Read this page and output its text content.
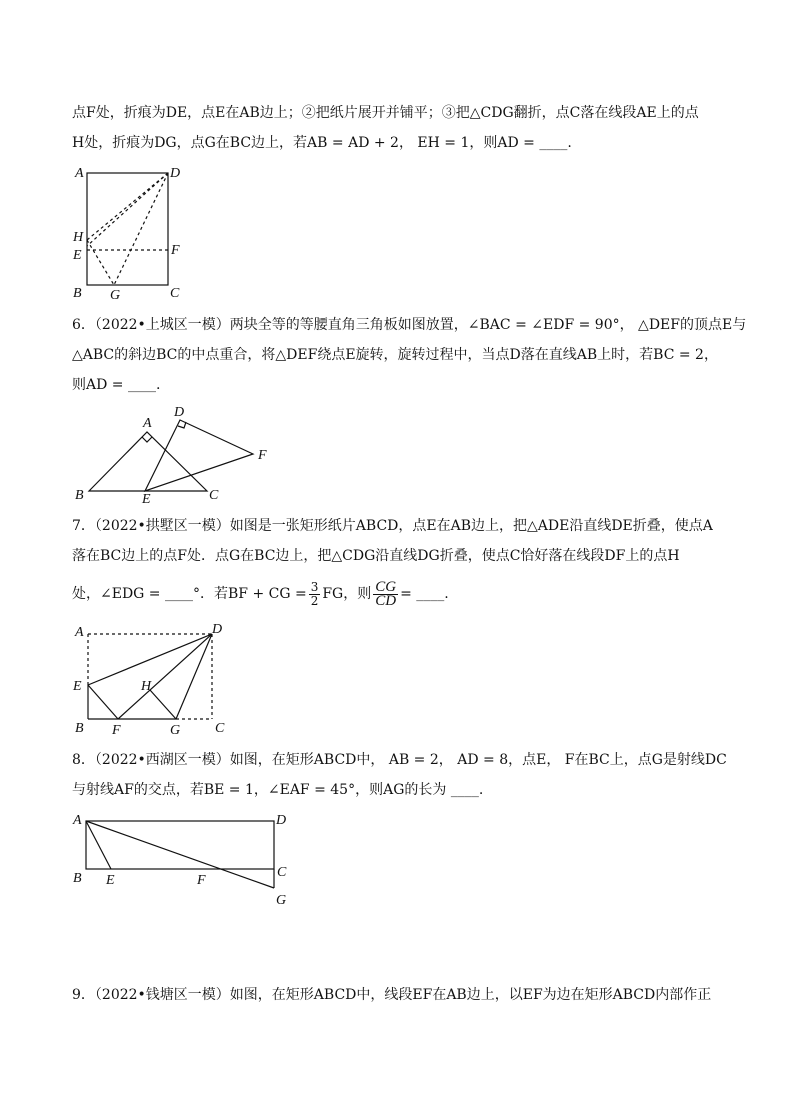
点F处，折痕为DE，点E在AB边上；②把纸片展开并铺平；③把△CDG翻折，点C落在线段AE上的点
H处，折痕为DG，点G在BC边上，若AB = AD + 2， EH = 1，则AD = ____.
A	D
H
F
E
B G	C
6．（2022•上城区一模）两块全等的等腰直角三角板如图放置，∠BAC = ∠EDF = 90°， △DEF的顶点E与
△ABC的斜边BC的中点重合，将△DEF绕点E旋转，旋转过程中，当点D落在直线AB上时，若BC = 2，
则AD = ____.
A
D
F
B	E	C
7．（2022•拱墅区一模）如图是一张矩形纸片ABCD，点E在AB边上，把△ADE沿直线DE折叠，使点A
落在BC边上的点F处．点G在BC边上，把△CDG沿直线DG折叠，使点C恰好落在线段DF上的点H
处，∠EDG = ____°．若BF + CG = $\frac{3}{2}$ FG，则 $\frac{CG}{CD}$ = ____.
A	D
E	H
B F	G C
8．（2022•西湖区一模）如图，在矩形ABCD中， AB = 2， AD = 8，点E， F在BC上，点G是射线DC
与射线AF的交点，若BE = 1，∠EAF = 45°，则AG的长为 ____.
A	D
B E	F
C
G
9．（2022•钱塘区一模）如图，在矩形ABCD中，线段EF在AB边上，以EF为边在矩形ABCD内部作正
